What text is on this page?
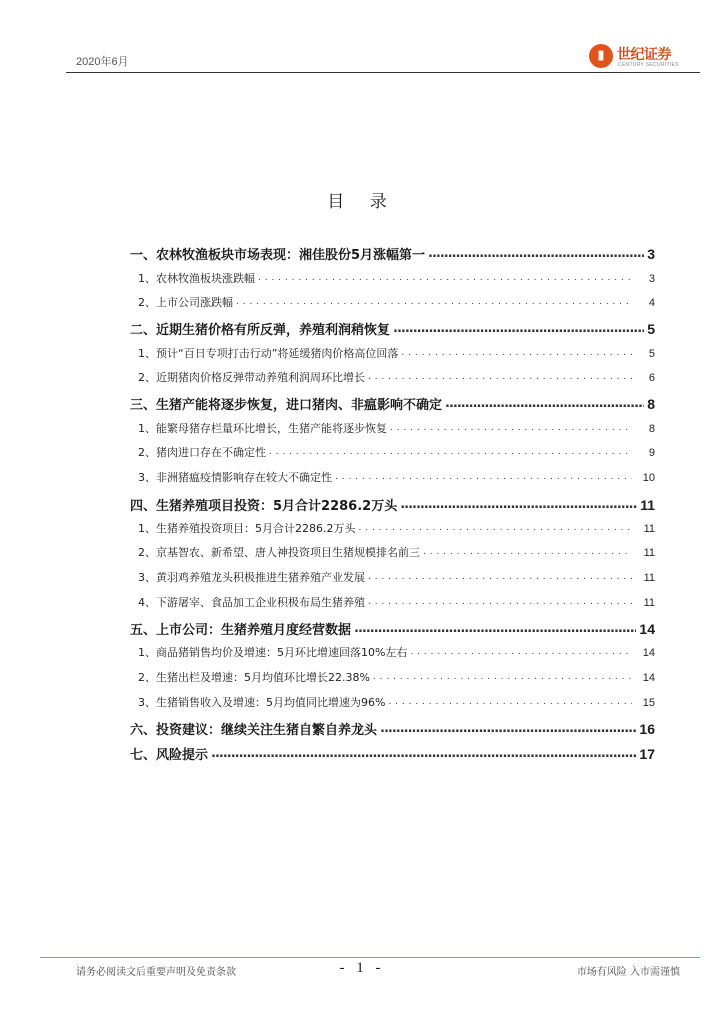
2020年6月	▮ 世纪证券
CENTURY SECURITIES
目 录
一、农林牧渔板块市场表现：湘佳股份5月涨幅第一 .....	3
1、农林牧渔板块涨跌幅 . . .	3
2、上市公司涨跌幅 . . .	4
二、近期生猪价格有所反弹，养殖利润稍恢复 .....	5
1、预计“百日专项打击行动”将延缓猪肉价格高位回落 . . .	5
2、近期猪肉价格反弹带动养殖利润周环比增长 . . .	6
三、生猪产能将逐步恢复，进口猪肉、非瘟影响不确定 .....	8
1、能繁母猪存栏量环比增长，生猪产能将逐步恢复 . . .	8
2、猪肉进口存在不确定性 . . .	9
3、非洲猪瘟疫情影响存在较大不确定性 . . .	10
四、生猪养殖项目投资：5月合计2286.2万头 .....	11
1、生猪养殖投资项目：5月合计2286.2万头 . . .	11
2、京基智农、新希望、唐人神投资项目生猪规模排名前三 . . .	11
3、黄羽鸡养殖龙头积极推进生猪养殖产业发展 . . .	11
4、下游屠宰、食品加工企业积极布局生猪养殖 . . .	11
五、上市公司：生猪养殖月度经营数据 .....	14
1、商品猪销售均价及增速：5月环比增速回落10%左右 . . .	14
2、生猪出栏及增速：5月均值环比增长22.38% . . .	14
3、生猪销售收入及增速：5月均值同比增速为96% . . .	15
六、投资建议：继续关注生猪自繁自养龙头 .....	16
七、风险提示 .....	17
请务必阅读文后重要声明及免责条款	- 1 -	市场有风险 入市需谨慎
